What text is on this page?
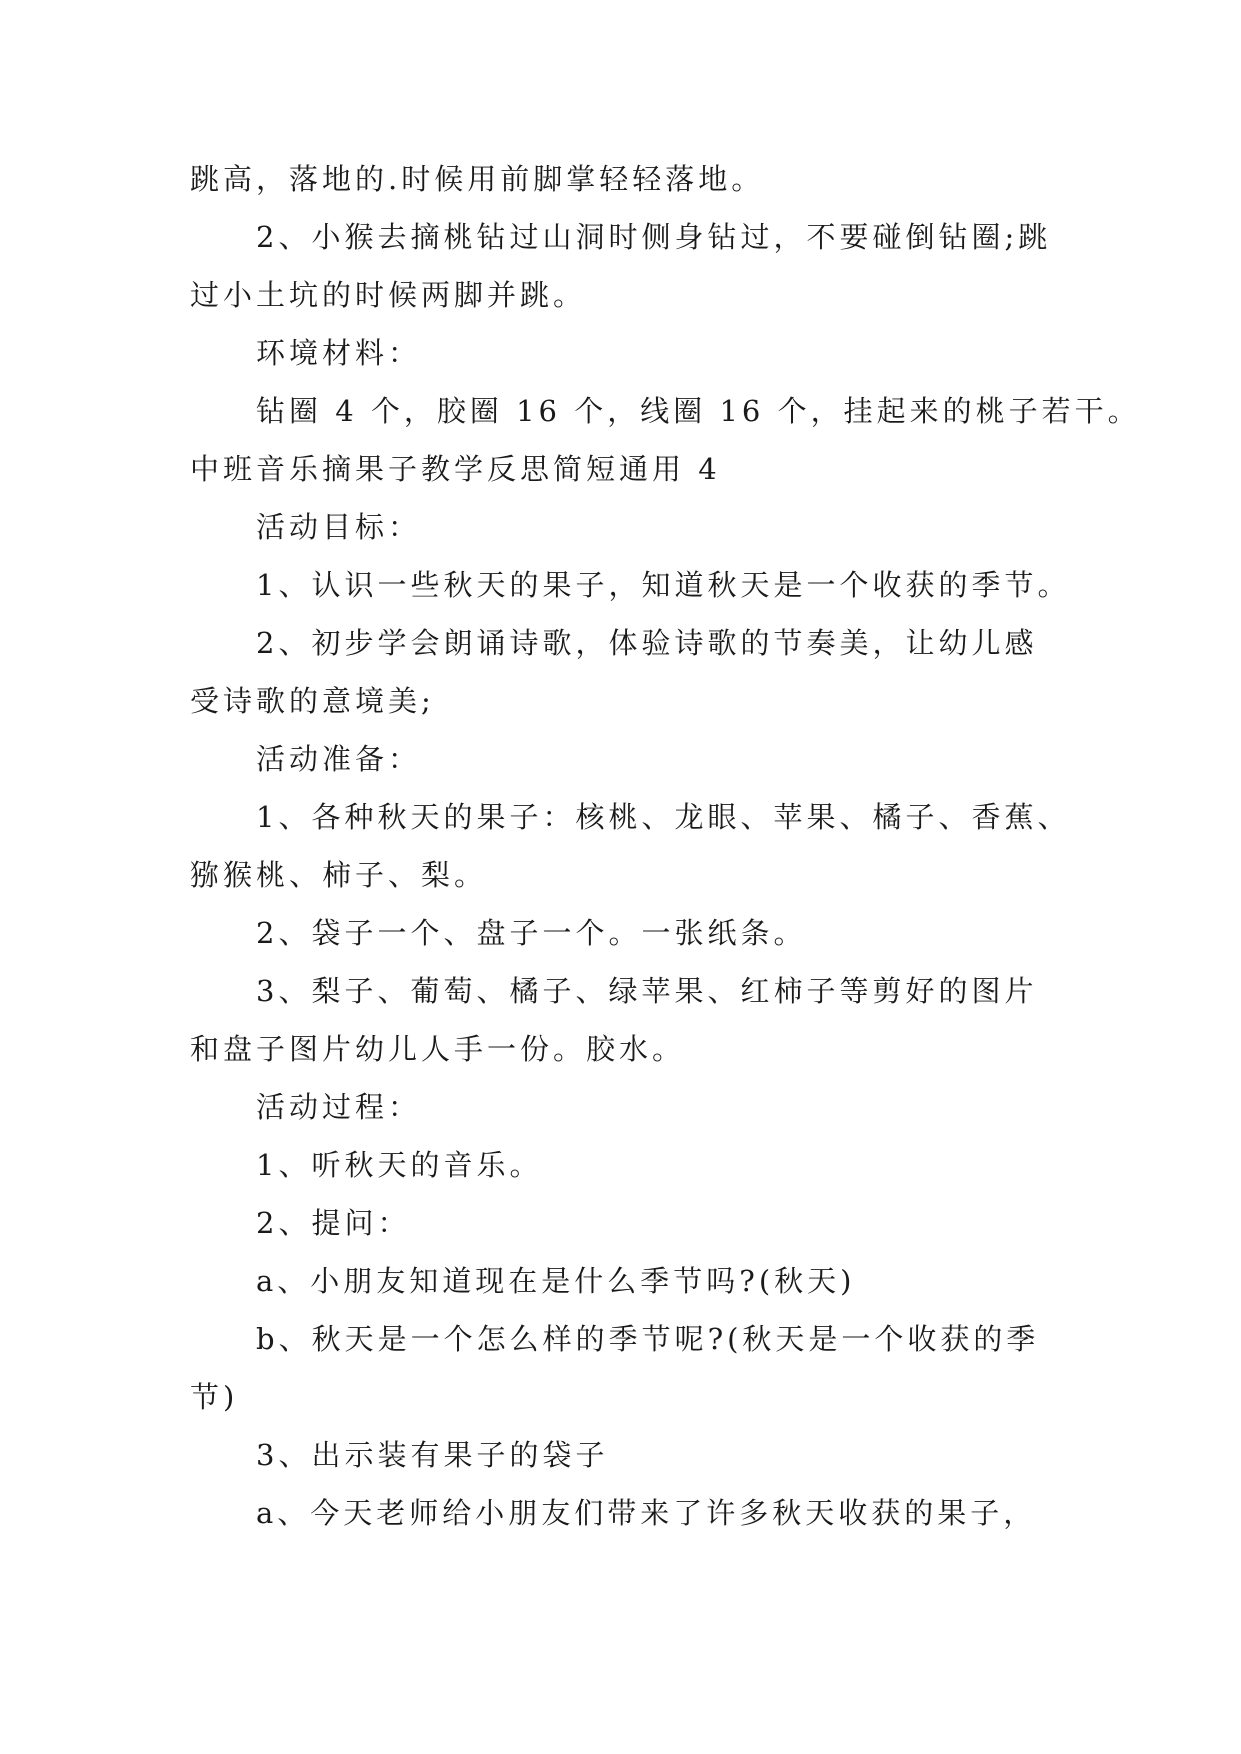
跳高，落地的.时候用前脚掌轻轻落地。

2、小猴去摘桃钻过山洞时侧身钻过，不要碰倒钻圈;跳

过小土坑的时候两脚并跳。

环境材料：

钻圈 4 个，胶圈 16 个，线圈 16 个，挂起来的桃子若干。

中班音乐摘果子教学反思简短通用 4

活动目标：

1、认识一些秋天的果子，知道秋天是一个收获的季节。

2、初步学会朗诵诗歌，体验诗歌的节奏美，让幼儿感

受诗歌的意境美;

活动准备：

1、各种秋天的果子：核桃、龙眼、苹果、橘子、香蕉、

猕猴桃、柿子、梨。

2、袋子一个、盘子一个。一张纸条。

3、梨子、葡萄、橘子、绿苹果、红柿子等剪好的图片

和盘子图片幼儿人手一份。胶水。

活动过程：

1、听秋天的音乐。

2、提问：

a、小朋友知道现在是什么季节吗?(秋天)

b、秋天是一个怎么样的季节呢?(秋天是一个收获的季

节)

3、出示装有果子的袋子

a、今天老师给小朋友们带来了许多秋天收获的果子，
